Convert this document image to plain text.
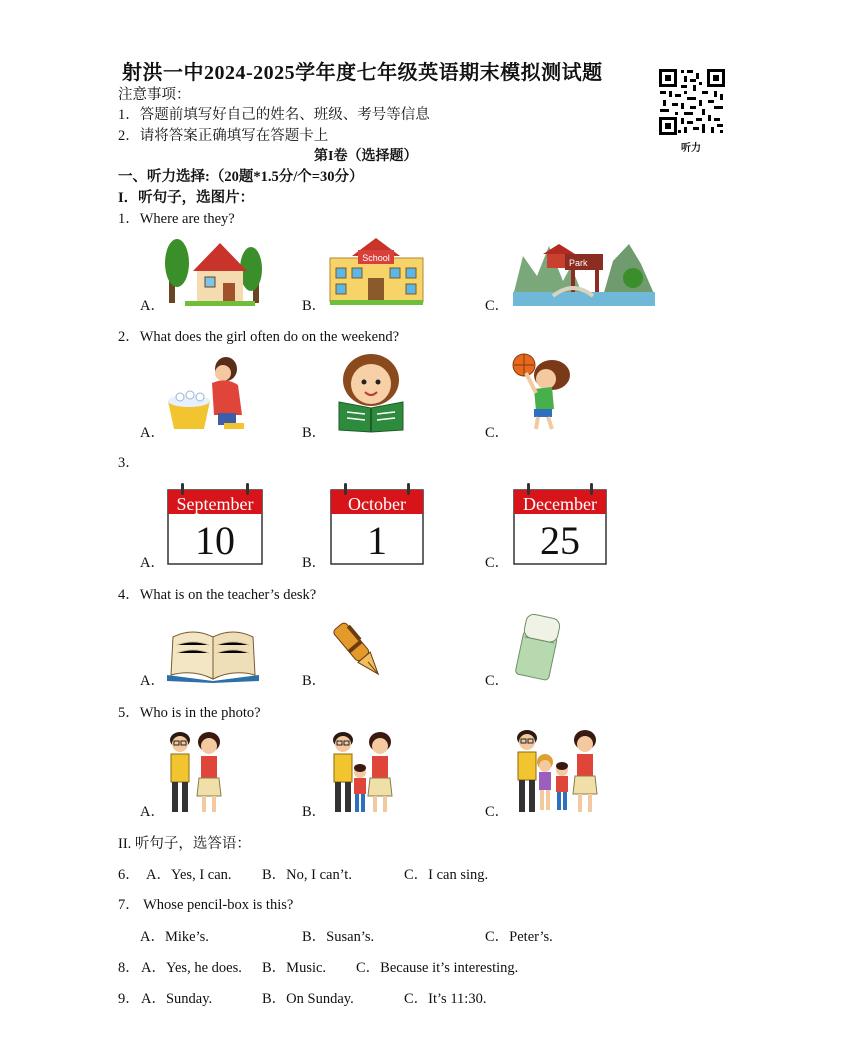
射洪一中2024-2025学年度七年级英语期末模拟测试题
注意事项：
1．答题前填写好自己的姓名、班级、考号等信息
2．请将答案正确填写在答题卡上
第I卷（选择题）
听力
一、听力选择:（20题*1.5分/个=30分）
I．听句子，选图片：
1．Where are they?
A．	B．	C．
School	Park
2．What does the girl often do on the weekend?
A．	B．	C．
3．
A．	B．	C．
September
10
October
1
December
25
4．What is on the teacher’s desk?
A．	B．	C．
5．Who is in the photo?
A．	B．	C．
II. 听句子，选答语：
6． A．Yes, I can. B．No, I can’t.	C．I can sing.
7． Whose pencil-box is this?
A．Mike’s.	B．Susan’s.	C．Peter’s.
8． A．Yes, he does. B．Music. C．Because it’s interesting.
9． A．Sunday.	B．On Sunday.	C．It’s 11:30.
